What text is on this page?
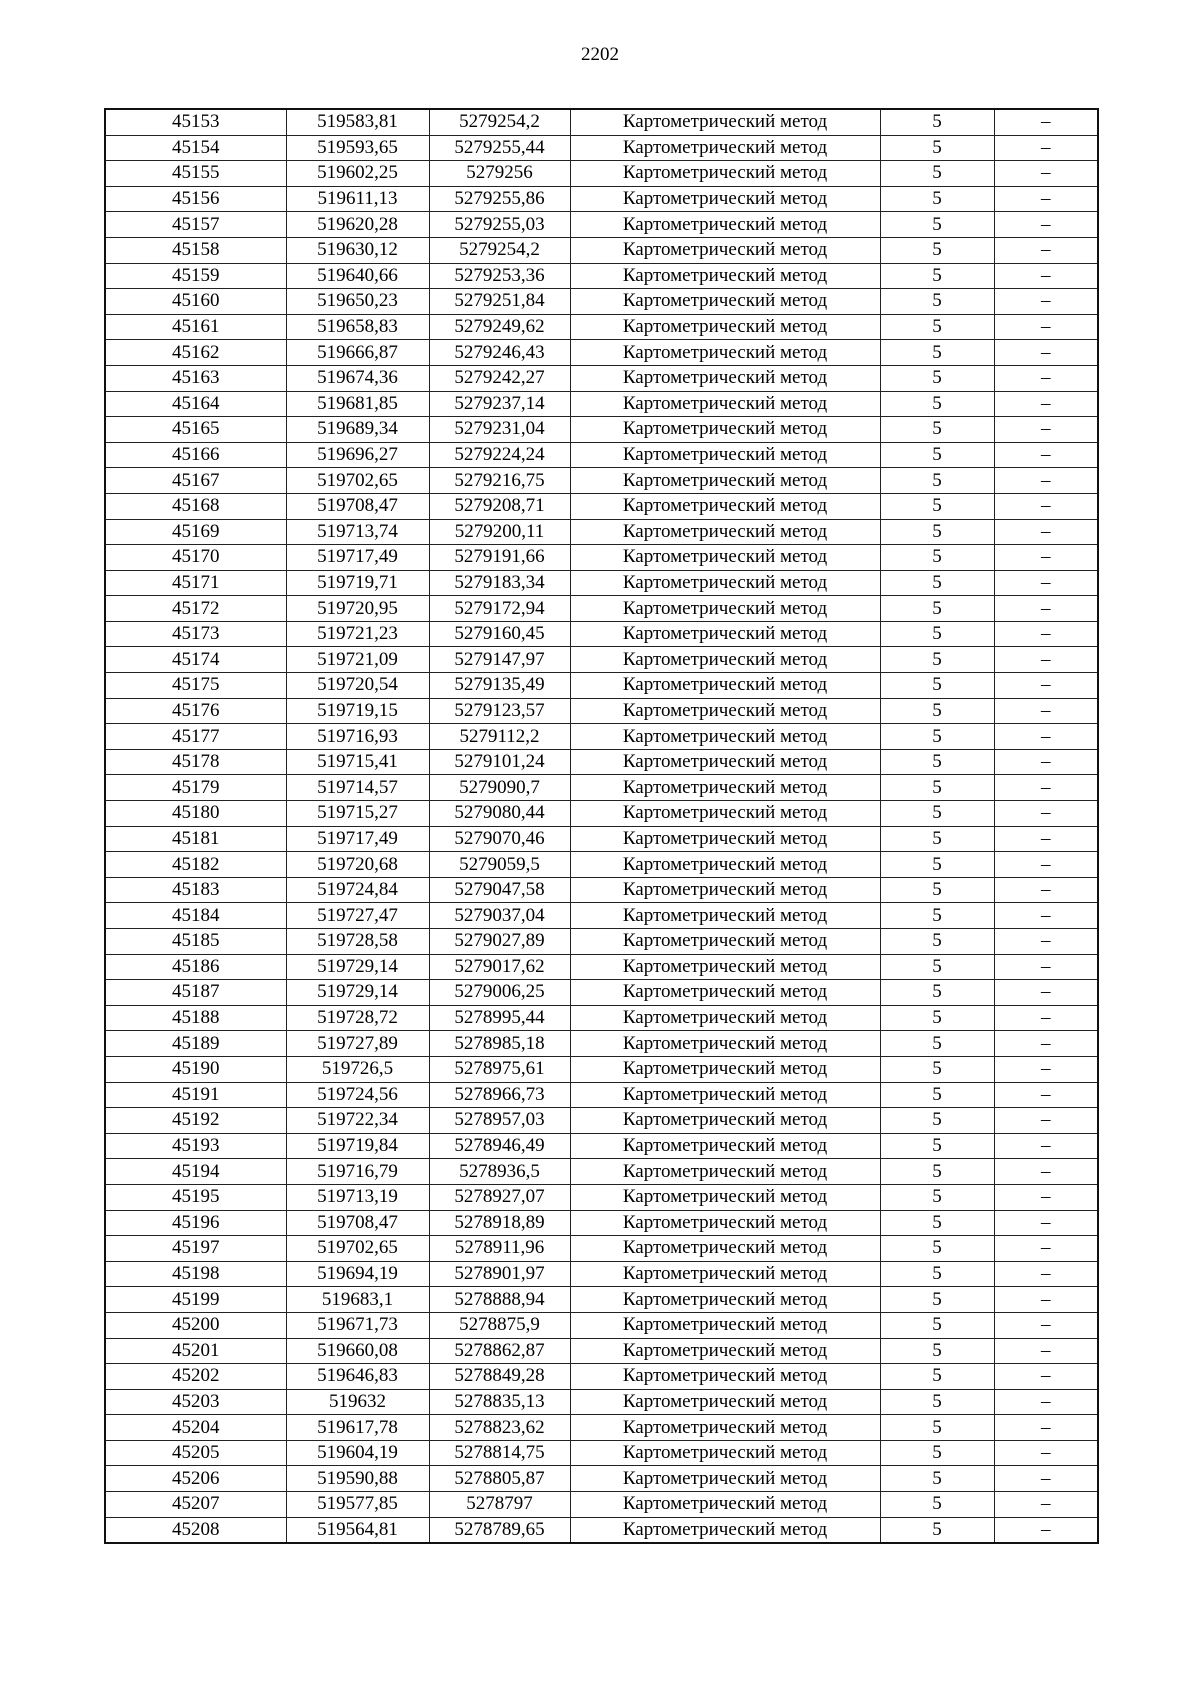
2202
45153	519583,81	5279254,2	Картометрический метод	5	–
45154	519593,65	5279255,44	Картометрический метод	5	–
45155	519602,25	5279256	Картометрический метод	5	–
45156	519611,13	5279255,86	Картометрический метод	5	–
45157	519620,28	5279255,03	Картометрический метод	5	–
45158	519630,12	5279254,2	Картометрический метод	5	–
45159	519640,66	5279253,36	Картометрический метод	5	–
45160	519650,23	5279251,84	Картометрический метод	5	–
45161	519658,83	5279249,62	Картометрический метод	5	–
45162	519666,87	5279246,43	Картометрический метод	5	–
45163	519674,36	5279242,27	Картометрический метод	5	–
45164	519681,85	5279237,14	Картометрический метод	5	–
45165	519689,34	5279231,04	Картометрический метод	5	–
45166	519696,27	5279224,24	Картометрический метод	5	–
45167	519702,65	5279216,75	Картометрический метод	5	–
45168	519708,47	5279208,71	Картометрический метод	5	–
45169	519713,74	5279200,11	Картометрический метод	5	–
45170	519717,49	5279191,66	Картометрический метод	5	–
45171	519719,71	5279183,34	Картометрический метод	5	–
45172	519720,95	5279172,94	Картометрический метод	5	–
45173	519721,23	5279160,45	Картометрический метод	5	–
45174	519721,09	5279147,97	Картометрический метод	5	–
45175	519720,54	5279135,49	Картометрический метод	5	–
45176	519719,15	5279123,57	Картометрический метод	5	–
45177	519716,93	5279112,2	Картометрический метод	5	–
45178	519715,41	5279101,24	Картометрический метод	5	–
45179	519714,57	5279090,7	Картометрический метод	5	–
45180	519715,27	5279080,44	Картометрический метод	5	–
45181	519717,49	5279070,46	Картометрический метод	5	–
45182	519720,68	5279059,5	Картометрический метод	5	–
45183	519724,84	5279047,58	Картометрический метод	5	–
45184	519727,47	5279037,04	Картометрический метод	5	–
45185	519728,58	5279027,89	Картометрический метод	5	–
45186	519729,14	5279017,62	Картометрический метод	5	–
45187	519729,14	5279006,25	Картометрический метод	5	–
45188	519728,72	5278995,44	Картометрический метод	5	–
45189	519727,89	5278985,18	Картометрический метод	5	–
45190	519726,5	5278975,61	Картометрический метод	5	–
45191	519724,56	5278966,73	Картометрический метод	5	–
45192	519722,34	5278957,03	Картометрический метод	5	–
45193	519719,84	5278946,49	Картометрический метод	5	–
45194	519716,79	5278936,5	Картометрический метод	5	–
45195	519713,19	5278927,07	Картометрический метод	5	–
45196	519708,47	5278918,89	Картометрический метод	5	–
45197	519702,65	5278911,96	Картометрический метод	5	–
45198	519694,19	5278901,97	Картометрический метод	5	–
45199	519683,1	5278888,94	Картометрический метод	5	–
45200	519671,73	5278875,9	Картометрический метод	5	–
45201	519660,08	5278862,87	Картометрический метод	5	–
45202	519646,83	5278849,28	Картометрический метод	5	–
45203	519632	5278835,13	Картометрический метод	5	–
45204	519617,78	5278823,62	Картометрический метод	5	–
45205	519604,19	5278814,75	Картометрический метод	5	–
45206	519590,88	5278805,87	Картометрический метод	5	–
45207	519577,85	5278797	Картометрический метод	5	–
45208	519564,81	5278789,65	Картометрический метод	5	–
